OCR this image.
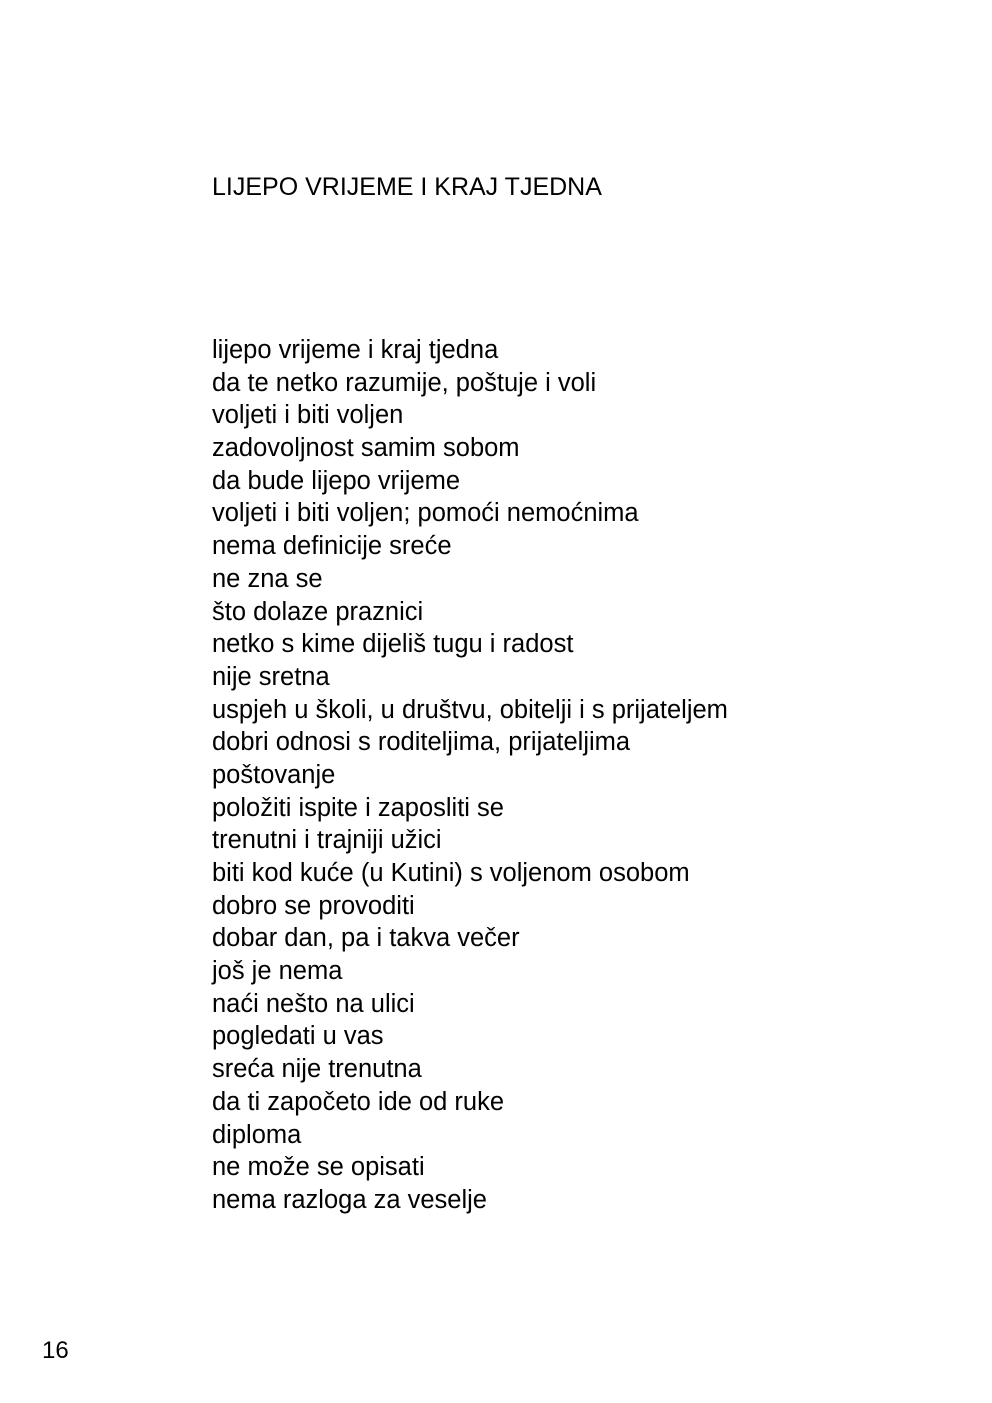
LIJEPO VRIJEME I KRAJ TJEDNA
lijepo vrijeme i kraj tjedna
da te netko razumije, poštuje i voli
voljeti i biti voljen
zadovoljnost samim sobom
da bude lijepo vrijeme
voljeti i biti voljen; pomoći nemoćnima
nema definicije sreće
ne zna se
što dolaze praznici
netko s kime dijeliš tugu i radost
nije sretna
uspjeh u školi, u društvu, obitelji i s prijateljem
dobri odnosi s roditeljima, prijateljima
poštovanje
položiti ispite i zaposliti se
trenutni i trajniji užici
biti kod kuće (u Kutini) s voljenom osobom
dobro se provoditi
dobar dan, pa i takva večer
još je nema
naći nešto na ulici
pogledati u vas
sreća nije trenutna
da ti započeto ide od ruke
diploma
ne može se opisati
nema razloga za veselje
16
